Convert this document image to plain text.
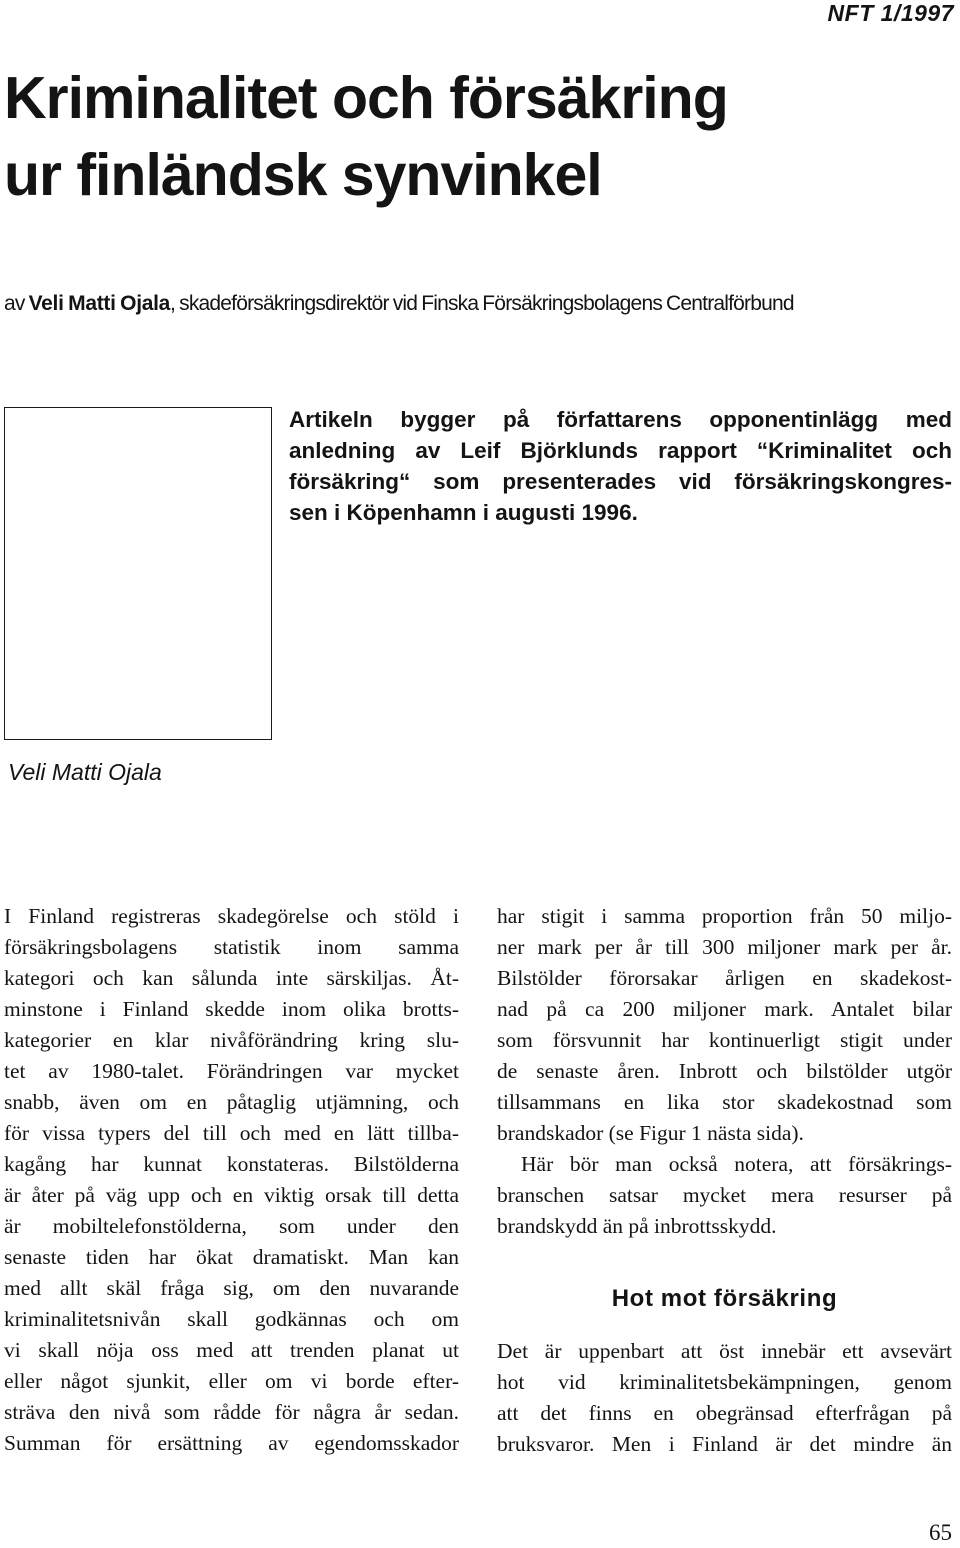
NFT 1/1997
Kriminalitet och försäkring
ur finländsk synvinkel

av Veli Matti Ojala, skadeförsäkringsdirektör vid Finska Försäkringsbolagens Centralförbund

Veli Matti Ojala
Artikeln bygger på författarens opponentinlägg med
anledning av Leif Björklunds rapport “Kriminalitet och
försäkring“ som presenterades vid försäkringskongres-
sen i Köpenhamn i augusti 1996.
I Finland registreras skadegörelse och stöld i
försäkringsbolagens statistik inom samma
kategori och kan sålunda inte särskiljas. Åt-
minstone i Finland skedde inom olika brotts-
kategorier en klar nivåförändring kring slu-
tet av 1980-talet. Förändringen var mycket
snabb, även om en påtaglig utjämning, och
för vissa typers del till och med en lätt tillba-
kagång har kunnat konstateras. Bilstölderna
är åter på väg upp och en viktig orsak till detta
är mobiltelefonstölderna, som under den
senaste tiden har ökat dramatiskt. Man kan
med allt skäl fråga sig, om den nuvarande
kriminalitetsnivån skall godkännas och om
vi skall nöja oss med att trenden planat ut
eller något sjunkit, eller om vi borde efter-
sträva den nivå som rådde för några år sedan.
Summan för ersättning av egendomsskador
har stigit i samma proportion från 50 miljo-
ner mark per år till 300 miljoner mark per år.
Bilstölder förorsakar årligen en skadekost-
nad på ca 200 miljoner mark. Antalet bilar
som försvunnit har kontinuerligt stigit under
de senaste åren. Inbrott och bilstölder utgör
tillsammans en lika stor skadekostnad som
brandskador (se Figur 1 nästa sida).
Här bör man också notera, att försäkrings-
branschen satsar mycket mera resurser på
brandskydd än på inbrottsskydd.
Hot mot försäkring
Det är uppenbart att öst innebär ett avsevärt
hot vid kriminalitetsbekämpningen, genom
att det finns en obegränsad efterfrågan på
bruksvaror. Men i Finland är det mindre än
65
